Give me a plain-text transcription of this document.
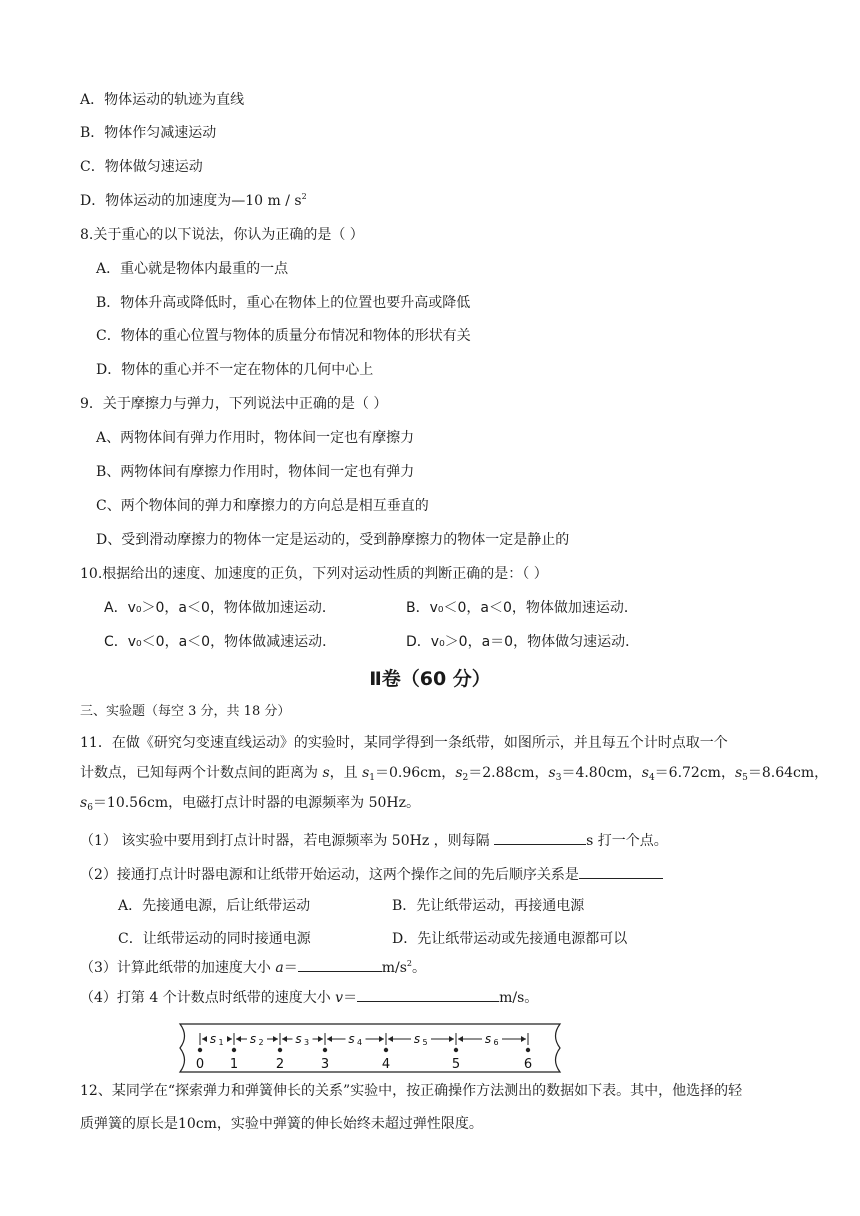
A．物体运动的轨迹为直线
B．物体作匀减速运动
C．物体做匀速运动
D．物体运动的加速度为—10 m / $s^2$
8.关于重心的以下说法，你认为正确的是（ ）
A．重心就是物体内最重的一点
B．物体升高或降低时，重心在物体上的位置也要升高或降低
C．物体的重心位置与物体的质量分布情况和物体的形状有关
D．物体的重心并不一定在物体的几何中心上
9．关于摩擦力与弹力，下列说法中正确的是（ ）
A、两物体间有弹力作用时，物体间一定也有摩擦力
B、两物体间有摩擦力作用时，物体间一定也有弹力
C、两个物体间的弹力和摩擦力的方向总是相互垂直的
D、受到滑动摩擦力的物体一定是运动的，受到静摩擦力的物体一定是静止的
10.根据给出的速度、加速度的正负，下列对运动性质的判断正确的是：（ ）
A．v₀＞0，a＜0，物体做加速运动．	B．v₀＜0，a＜0，物体做加速运动．
C．v₀＜0，a＜0，物体做减速运动．	D．v₀＞0，a＝0，物体做匀速运动．
Ⅱ卷（60 分）
三、实验题（每空 3 分，共 18 分）
11．在做《研究匀变速直线运动》的实验时，某同学得到一条纸带，如图所示，并且每五个计时点取一个
计数点，已知每两个计数点间的距离为 s，且 $s_1=0.96cm$，$s_2=2.88cm$，$s_3=4.80cm$，$s_4=6.72cm$，$s_5=8.64cm$，
$s_6=10.56cm$，电磁打点计时器的电源频率为 50Hz。
（1） 该实验中要用到打点计时器，若电源频率为 50Hz ，则每隔	s 打一个点。
（2）接通打点计时器电源和让纸带开始运动，这两个操作之间的先后顺序关系是
A．先接通电源，后让纸带运动	B．先让纸带运动，再接通电源
C．让纸带运动的同时接通电源	D．先让纸带运动或先接通电源都可以
（3）计算此纸带的加速度大小 a＝	$m/s^2$。
（4）打第 4 个计数点时纸带的速度大小 v＝	m/s。
0 1	2	3	4	5	6
s 1 s 2	s 3	s 4	s 5	s 6
12、某同学在“探索弹力和弹簧伸长的关系”实验中，按正确操作方法测出的数据如下表。其中，他选择的轻
质弹簧的原长是10cm，实验中弹簧的伸长始终未超过弹性限度。
